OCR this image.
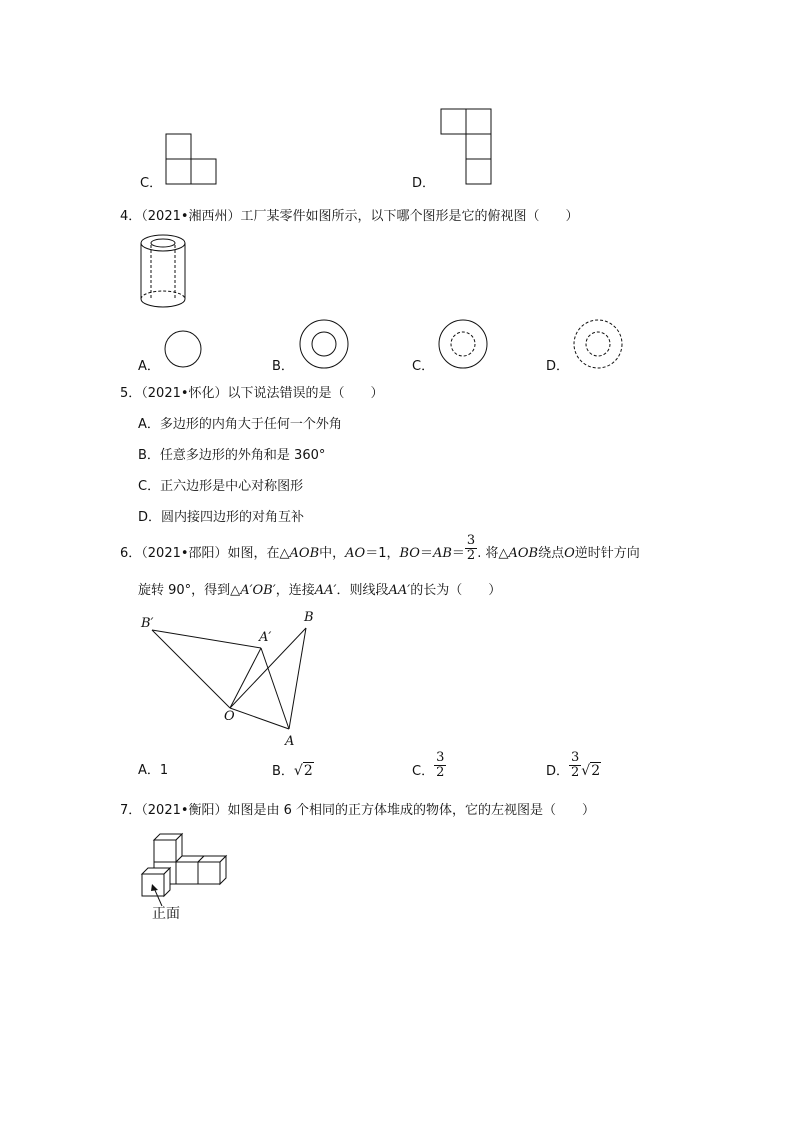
C．	D．
4．（2021•湘西州）工厂某零件如图所示，以下哪个图形是它的俯视图（　　）
A．	B．	C．	D．
5．（2021•怀化）以下说法错误的是（　　）
A．多边形的内角大于任何一个外角
B．任意多边形的外角和是 360°
C．正六边形是中心对称图形
D．圆内接四边形的对角互补
6．（2021•邵阳）如图，在△AOB中，AO＝1，$BO=AB= \frac{3}{2}$ . 将△AOB绕点O逆时针方向
旋转 90°，得到△A′OB′，连接AA′．则线段AA′的长为（　　）
B′
A′
B
O
A
A．1	B．√2	C． $\frac{3}{2}$	D． $\frac{3}{2} √2$
7．（2021•衡阳）如图是由 6 个相同的正方体堆成的物体，它的左视图是（　　）
正面
